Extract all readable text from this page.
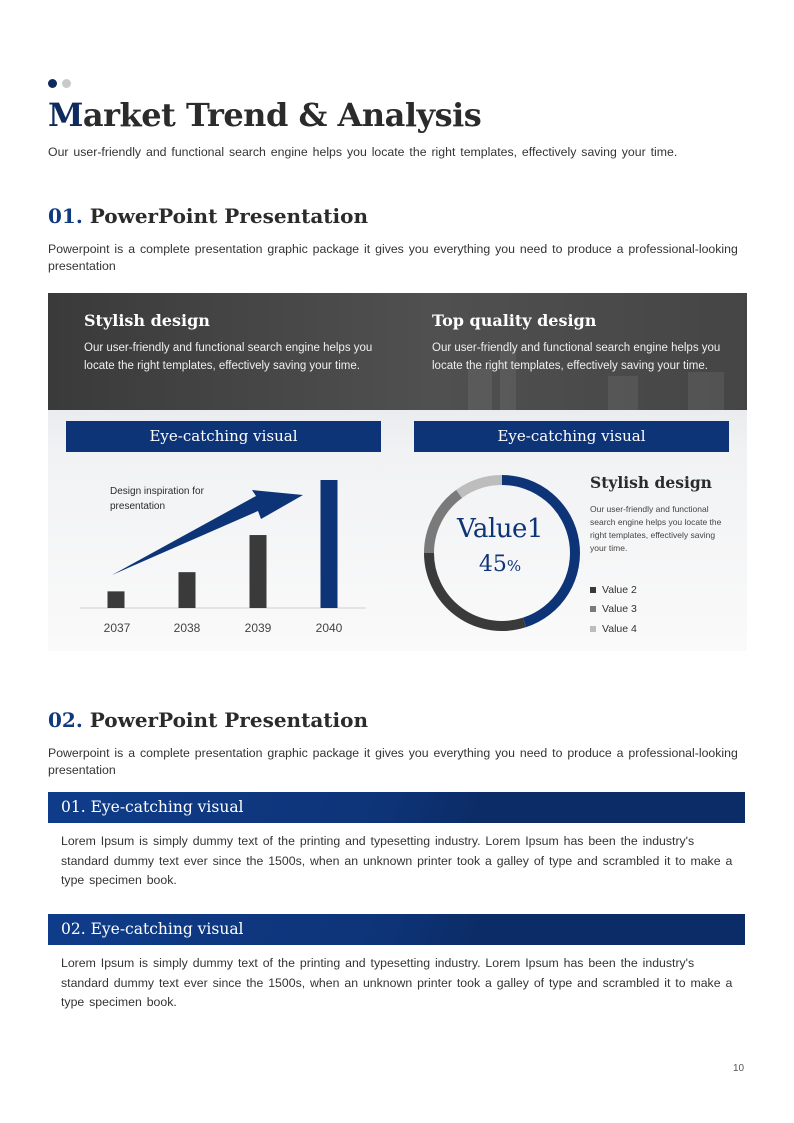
Market Trend & Analysis

Our user-friendly and functional search engine helps you locate the right templates, effectively saving your time.

01. PowerPoint Presentation

Powerpoint is a complete presentation graphic package it gives you everything you need to produce a professional-looking presentation

Stylish design

Our user-friendly and functional search engine helps you locate the right templates, effectively saving your time.

Top quality design

Our user-friendly and functional search engine helps you locate the right templates, effectively saving your time.

Eye-catching visual	Eye-catching visual

Design inspiration for presentation

2037	2038	2039	2040
Value1
45%
Stylish design

Our user-friendly and functional search engine helps you locate the right templates, effectively saving your time.

Value 2
Value 3
Value 4
02. PowerPoint Presentation

Powerpoint is a complete presentation graphic package it gives you everything you need to produce a professional-looking presentation

01. Eye-catching visual

Lorem Ipsum is simply dummy text of the printing and typesetting industry. Lorem Ipsum has been the industry's standard dummy text ever since the 1500s, when an unknown printer took a galley of type and scrambled it to make a type specimen book.

02. Eye-catching visual

Lorem Ipsum is simply dummy text of the printing and typesetting industry. Lorem Ipsum has been the industry's standard dummy text ever since the 1500s, when an unknown printer took a galley of type and scrambled it to make a type specimen book.

10
